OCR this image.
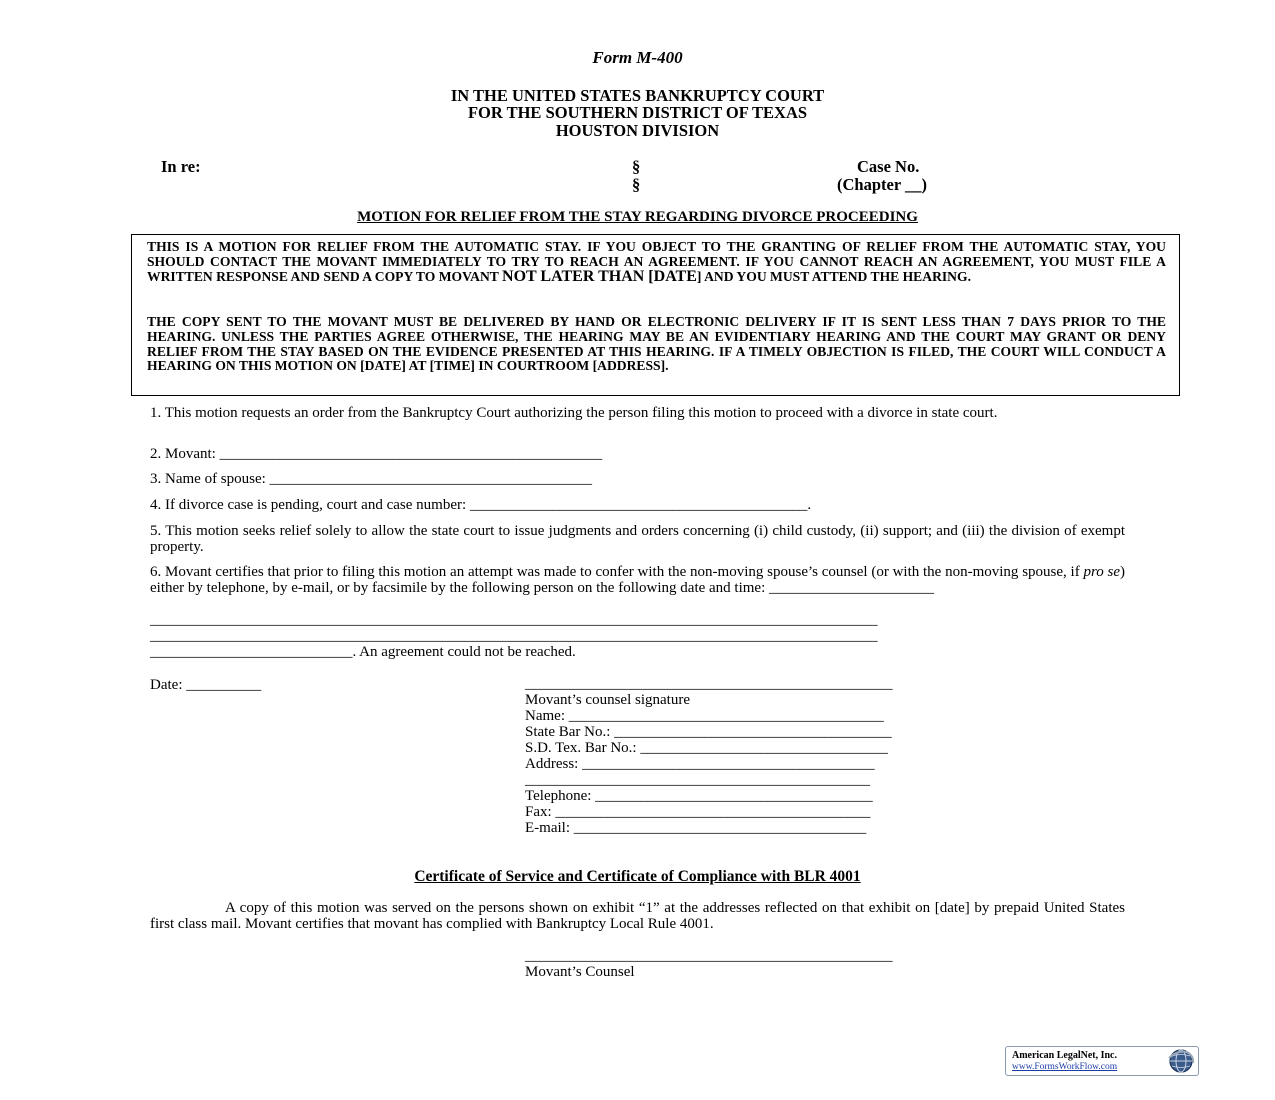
Form M-400
IN THE UNITED STATES BANKRUPTCY COURT
FOR THE SOUTHERN DISTRICT OF TEXAS
HOUSTON DIVISION
In re:	§
§
Case No.
(Chapter __)
MOTION FOR RELIEF FROM THE STAY REGARDING DIVORCE PROCEEDING
THIS IS A MOTION FOR RELIEF FROM THE AUTOMATIC STAY. IF YOU OBJECT TO THE GRANTING OF RELIEF FROM THE AUTOMATIC STAY, YOU SHOULD CONTACT THE MOVANT IMMEDIATELY TO TRY TO REACH AN AGREEMENT. IF YOU CANNOT REACH AN AGREEMENT, YOU MUST FILE A WRITTEN RESPONSE AND SEND A COPY TO MOVANT NOT LATER THAN [DATE] AND YOU MUST ATTEND THE HEARING.
THE COPY SENT TO THE MOVANT MUST BE DELIVERED BY HAND OR ELECTRONIC DELIVERY IF IT IS SENT LESS THAN 7 DAYS PRIOR TO THE HEARING. UNLESS THE PARTIES AGREE OTHERWISE, THE HEARING MAY BE AN EVIDENTIARY HEARING AND THE COURT MAY GRANT OR DENY RELIEF FROM THE STAY BASED ON THE EVIDENCE PRESENTED AT THIS HEARING. IF A TIMELY OBJECTION IS FILED, THE COURT WILL CONDUCT A HEARING ON THIS MOTION ON [DATE] AT [TIME] IN COURTROOM [ADDRESS].
1. This motion requests an order from the Bankruptcy Court authorizing the person filing this motion to proceed with a divorce in state court.
2. Movant: ___________________________________________________
3. Name of spouse: ___________________________________________
4. If divorce case is pending, court and case number: _____________________________________________.
5. This motion seeks relief solely to allow the state court to issue judgments and orders concerning (i) child custody, (ii) support; and (iii) the division of exempt property.
6. Movant certifies that prior to filing this motion an attempt was made to confer with the non-moving spouse’s counsel (or with the non-moving spouse, if pro se) either by telephone, by e-mail, or by facsimile by the following person on the following date and time: ______________________
_________________________________________________________________________________________________
_________________________________________________________________________________________________
___________________________. An agreement could not be reached.
Date: __________	_________________________________________________
Movant’s counsel signature
Name: __________________________________________
State Bar No.: _____________________________________
S.D. Tex. Bar No.: _________________________________
Address: _______________________________________
______________________________________________
Telephone: _____________________________________
Fax: __________________________________________
E-mail: _______________________________________
Certificate of Service and Certificate of Compliance with BLR 4001
A copy of this motion was served on the persons shown on exhibit “1” at the addresses reflected on that exhibit on [date] by prepaid United States first class mail. Movant certifies that movant has complied with Bankruptcy Local Rule 4001.
_________________________________________________
Movant’s Counsel
American LegalNet, Inc.
www.FormsWorkFlow.com
